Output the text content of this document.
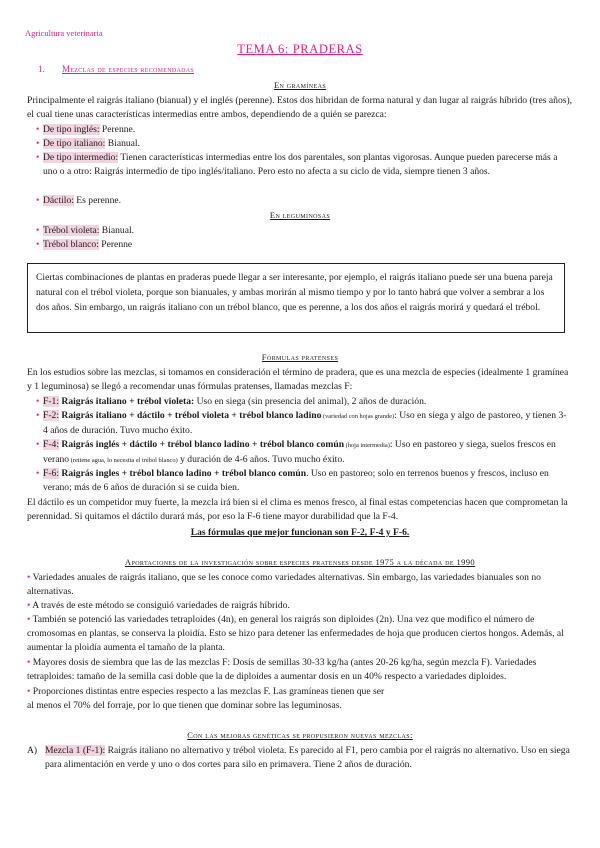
Agricultura veterinaria
TEMA 6: PRADERAS
1. Mezclas de especies recomendadas
En gramíneas
Principalmente el raigrás italiano (bianual) y el inglés (perenne). Estos dos hibridan de forma natural y dan lugar al raigrás híbrido (tres años), el cual tiene unas características intermedias entre ambos, dependiendo de a quién se parezca:
• De tipo inglés: Perenne.
• De tipo italiano: Bianual.
• De tipo intermedio: Tienen características intermedias entre los dos parentales, son plantas vigorosas. Aunque pueden parecerse más a uno o a otro: Raigrás intermedio de tipo inglés/italiano. Pero esto no afecta a su ciclo de vida, siempre tienen 3 años.
• Dáctilo: Es perenne.
En leguminosas
• Trébol violeta: Bianual.
• Trébol blanco: Perenne
Ciertas combinaciones de plantas en praderas puede llegar a ser interesante, por ejemplo, el raigrás italiano puede ser una buena pareja natural con el trébol violeta, porque son bianuales, y ambas morirán al mismo tiempo y por lo tanto habrá que volver a sembrar a los dos años. Sin embargo, un raigrás italiano con un trébol blanco, que es perenne, a los dos años el raigrás morirá y quedará el trébol.
Fórmulas pratenses
En los estudios sobre las mezclas, si tomamos en consideración el término de pradera, que es una mezcla de especies (idealmente 1 gramínea y 1 leguminosa) se llegó a recomendar unas fórmulas pratenses, llamadas mezclas F:
• F-1: Raigrás italiano + trébol violeta: Uso en siega (sin presencia del animal), 2 años de duración.
• F-2: Raigrás italiano + dáctilo + trébol violeta + trébol blanco ladino (variedad con hojas grande): Uso en siega y algo de pastoreo, y tienen 3-4 años de duración. Tuvo mucho éxito.
• F-4: Raigrás inglés + dáctilo + trébol blanco ladino + trébol blanco común (hoja intermedia): Uso en pastoreo y siega, suelos frescos en verano (retiene agua, lo necesita el trébol blanco) y duración de 4-6 años. Tuvo mucho éxito.
• F-6: Raigrás ingles + trébol blanco ladino + trébol blanco común. Uso en pastoreo; solo en terrenos buenos y frescos, incluso en verano; más de 6 años de duración si se cuida bien.
El dáctilo es un competidor muy fuerte, la mezcla irá bien si el clima es menos fresco, al final estas competencias hacen que comprometan la perennidad. Si quitamos el dáctilo durará más, por eso la F-6 tiene mayor durabilidad que la F-4.
Las fórmulas que mejor funcionan son F-2, F-4 y F-6.
Aportaciones de la investigación sobre especies pratenses desde 1975 a la década de 1990
• Variedades anuales de raigrás italiano, que se les conoce como variedades alternativas. Sin embargo, las variedades bianuales son no alternativas.
• A través de este método se consiguió variedades de raigrás híbrido.
• También se potenció las variedades tetraploides (4n), en general los raigrás son diploides (2n). Una vez que modifico el número de cromosomas en plantas, se conserva la ploidía. Esto se hizo para detener las enfermedades de hoja que producen ciertos hongos. Además, al aumentar la ploidía aumenta el tamaño de la planta.
• Mayores dosis de siembra que las de las mezclas F: Dosis de semillas 30-33 kg/ha (antes 20-26 kg/ha, según mezcla F). Variedades tetraploides: tamaño de la semilla casi doble que la de diploides a aumentar dosis en un 40% respecto a variedades diploides.
• Proporciones distintas entre especies respecto a las mezclas F. Las gramíneas tienen que ser
al menos el 70% del forraje, por lo que tienen que dominar sobre las leguminosas.
Con las mejoras genéticas se propusieron nuevas mezclas:
A) Mezcla 1 (F-1): Raigrás italiano no alternativo y trébol violeta. Es parecido al F1, pero cambia por el raigrás no alternativo. Uso en siega para alimentación en verde y uno o dos cortes para silo en primavera. Tiene 2 años de duración.
